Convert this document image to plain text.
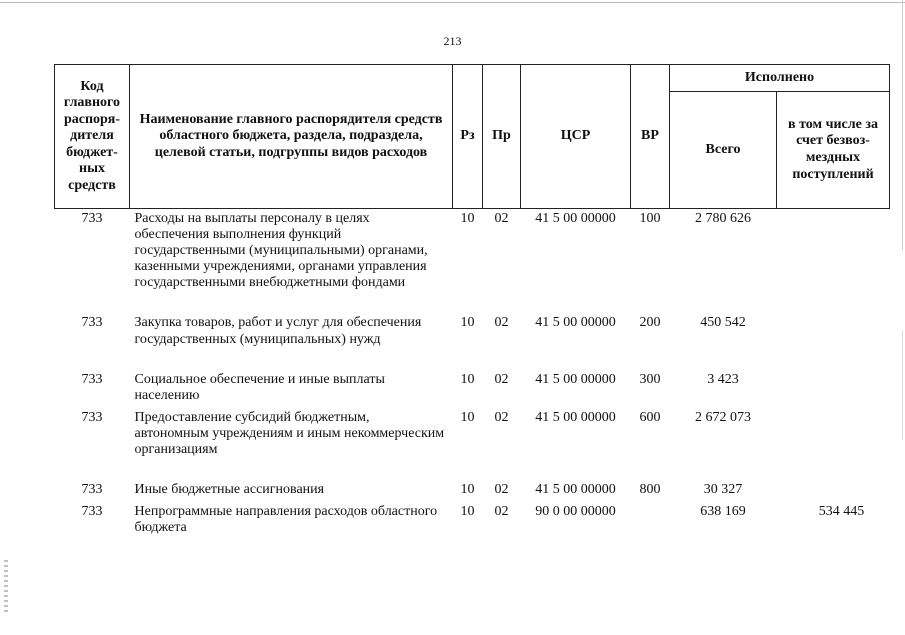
213
Код главного распоря-дителя бюджет-ных средств	Наименование главного распорядителя средств областного бюджета, раздела, подраздела, целевой статьи, подгруппы видов расходов	Рз	Пр	ЦСР	ВР	Исполнено	
						Всего	в том числе за счет безвоз-мездных поступлений
733	Расходы на выплаты персоналу в целях обеспечения выполнения функций государственными (муниципальными) органами, казенными учреждениями, органами управления государственными внебюджетными фондами	10	02	41 5 00 00000	100	2 780 626	
733	Закупка товаров, работ и услуг для обеспечения государственных (муниципальных) нужд	10	02	41 5 00 00000	200	450 542	
733	Социальное обеспечение и иные выплаты населению	10	02	41 5 00 00000	300	3 423	
733	Предоставление субсидий бюджетным, автономным учреждениям и иным некоммерческим организациям	10	02	41 5 00 00000	600	2 672 073	
733	Иные бюджетные ассигнования	10	02	41 5 00 00000	800	30 327	
733	Непрограммные направления расходов областного бюджета	10	02	90 0 00 00000		638 169	534 445
